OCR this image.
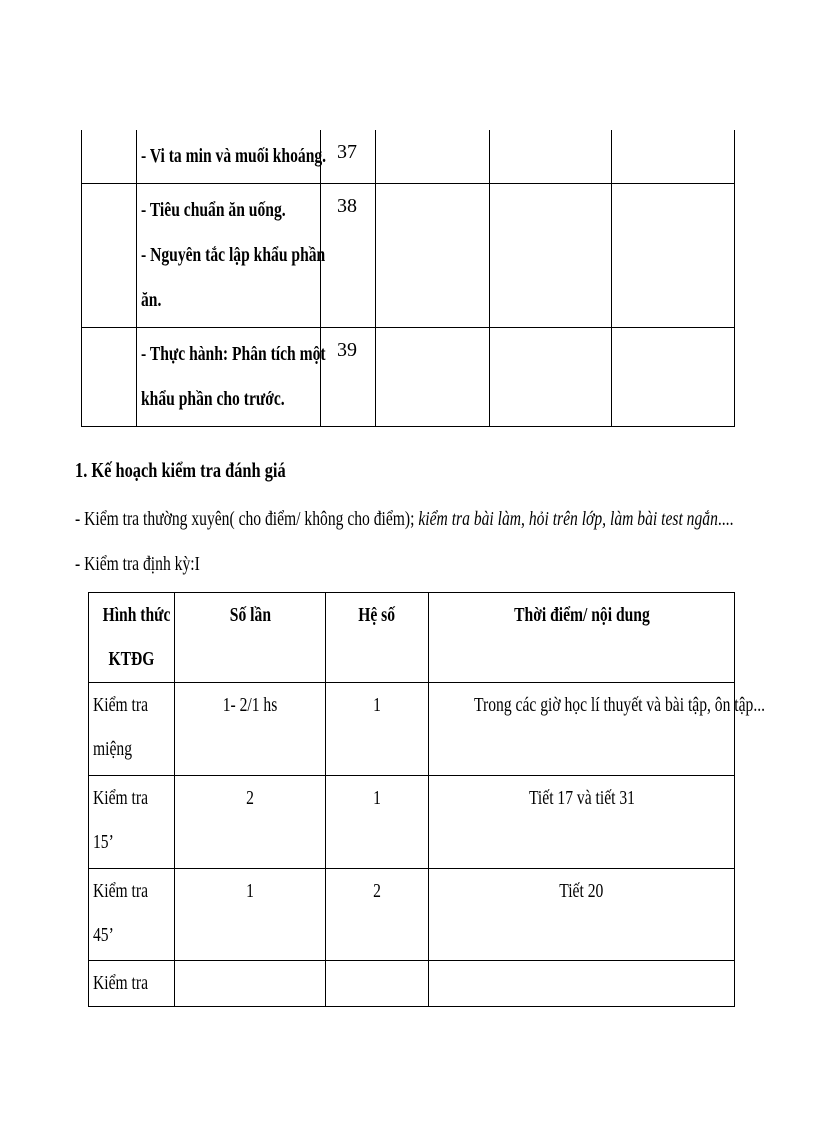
	- Vi ta min và muối khoáng.	37			

	- Tiêu chuẩn ăn uống.
- Nguyên tắc lập khẩu phần
ăn.	38			

	- Thực hành: Phân tích một
khẩu phần cho trước.	39			
1. Kế hoạch kiểm tra đánh giá
- Kiểm tra thường xuyên( cho điểm/ không cho điểm); kiểm tra bài làm, hỏi trên lớp, làm bài test ngắn....
- Kiểm tra định kỳ:I
Hình thức
KTĐG	Số lần	Hệ số	Thời điểm/ nội dung

Kiểm tra
miệng	1- 2/1 hs	1	Trong các giờ học lí thuyết và bài tập, ôn tập...

Kiểm tra
15’	2	1	Tiết 17 và tiết 31

Kiểm tra
45’	1	2	Tiết 20

Kiểm tra			
